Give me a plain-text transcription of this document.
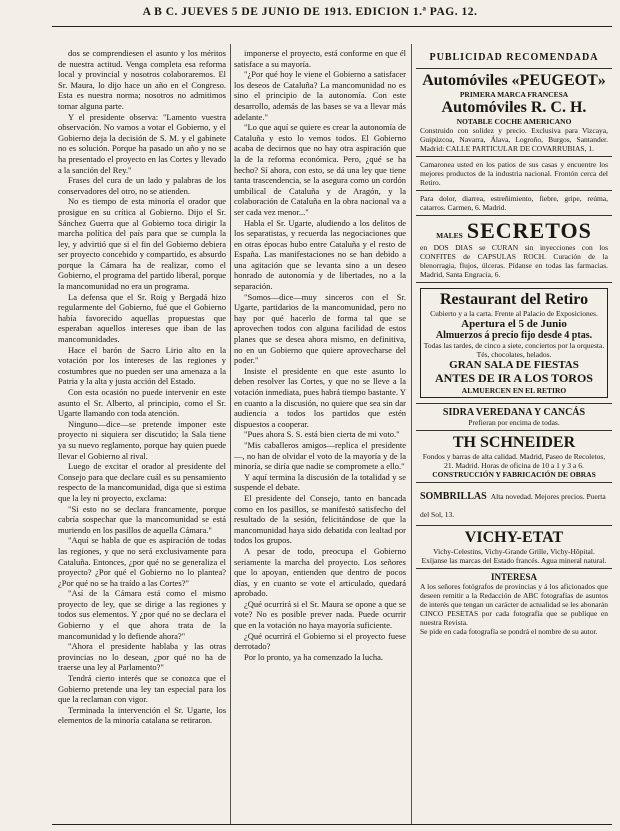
A B C. JUEVES 5 DE JUNIO DE 1913. EDICION 1.ª PAG. 12.

dos se comprendiesen el asunto y los méritos de nuestra actitud. Venga completa esa reforma local y provincial y nosotros colaboraremos. El Sr. Maura, lo dijo hace un año en el Congreso. Esta es nuestra norma; nosotros no admitimos tomar alguna parte.

Y el presidente observa: "Lamento vuestra observación. No vamos a votar el Gobierno, y el Gobierno deja la decisión de S. M. y el gabinete no es solución. Porque ha pasado un año y no se ha presentado el proyecto en las Cortes y llevado a la sanción del Rey."

Frases del cura de un lado y palabras de los conservadores del otro, no se atienden.

No es tiempo de esta minoría el orador que prosigue en su crítica al Gobierno. Dijo el Sr. Sánchez Guerra que al Gobierno toca dirigir la marcha política del país para que se cumpla la ley, y advirtió que si el fin del Gobierno debiera ser proyecto concebido y compartido, es absurdo porque la Cámara ha de realizar, como el Gobierno, el programa del partido liberal, porque la mancomunidad no era un programa.

La defensa que el Sr. Roig y Bergadá hizo regularmente del Gobierno, fué que el Gobierno había favorecido aquellas propuestas que esperaban aquellos intereses que iban de las mancomunidades.

Hace el barón de Sacro Lirio alto en la votación por los intereses de las regiones y costumbres que no pueden ser una amenaza a la Patria y la alta y justa acción del Estado.

Con esta ocasión no puede intervenir en este asunto el Sr. Alberto, al principio, como el Sr. Ugarte llamando con toda atención.

Ninguno—dice—se pretende imponer este proyecto ni siquiera ser discutido; la Sala tiene ya su nuevo reglamento, porque hay quien puede llevar el Gobierno al rival.

Luego de excitar el orador al presidente del Consejo para que declare cuál es su pensamiento respecto de la mancomunidad, diga que si estima que la ley ni proyecto, exclama:

"Si esto no se declara francamente, porque cabría sospechar que la mancomunidad se está muriendo en los pasillos de aquella Cámara."

"Aquí se habla de que es aspiración de todas las regiones, y que no será exclusivamente para Cataluña. Entonces, ¿por qué no se generaliza el proyecto? ¿Por qué el Gobierno no lo plantea? ¿Por qué no se ha traído a las Cortes?"

"Así de la Cámara está como el mismo proyecto de ley, que se dirige a las regiones y todos sus elementos. Y ¿por qué no se declara el Gobierno y el que ahora trata de la mancomunidad y lo defiende ahora?"

"Ahora el presidente hablaba y las otras provincias no lo desean, ¿por qué no ha de traerse una ley al Parlamento?"

Tendrá cierto interés que se conozca que el Gobierno pretende una ley tan especial para los que la reclaman con vigor.

Terminada la intervención el Sr. Ugarte, los elementos de la minoría catalana se retiraron.

imponerse el proyecto, está conforme en que él satisface a su mayoría.

"¿Por qué hoy le viene el Gobierno a satisfacer los deseos de Cataluña? La mancomunidad no es sino el principio de la autonomía. Con este desarrollo, además de las bases se va a llevar más adelante."

"Lo que aquí se quiere es crear la autonomía de Cataluña y esto lo vemos todos. El Gobierno acaba de decirnos que no hay otra aspiración que la de la reforma económica. Pero, ¿qué se ha hecho? Sí ahora, con esto, se dá una ley que tiene tanta trascendencia, se la asegura como un cordón umbilical de Cataluña y de Aragón, y la colaboración de Cataluña en la obra nacional va a ser cada vez menor..."

Habla el Sr. Ugarte, aludiendo a los delitos de los separatistas, y recuerda las negociaciones que en otras épocas hubo entre Cataluña y el resto de España. Las manifestaciones no se han debido a una agitación que se levanta sino a un deseo honrado de autonomía y de libertades, no a la separación.

"Somos—dice—muy sinceros con el Sr. Ugarte, partidarios de la mancomunidad, pero no hay por qué hacerlo de forma tal que se aprovechen todos con alguna facilidad de estos planes que se desea ahora mismo, en definitiva, no en un Gobierno que quiere aprovecharse del poder."

Insiste el presidente en que este asunto lo deben resolver las Cortes, y que no se lleve a la votación inmediata, pues habrá tiempo bastante. Y en cuanto a la discusión, no quiere que sea sin dar audiencia a todos los partidos que estén dispuestos a cooperar.

"Pues ahora S. S. está bien cierta de mi voto."

"Mis caballeros amigos—replica el presidente—, no han de olvidar el voto de la mayoría y de la minoría, se diría que nadie se compromete a ello."

Y aquí termina la discusión de la totalidad y se suspende el debate.

El presidente del Consejo, tanto en bancada como en los pasillos, se manifestó satisfecho del resultado de la sesión, felicitándose de que la mancomunidad haya sido debatida con lealtad por todos los grupos.

A pesar de todo, preocupa el Gobierno seriamente la marcha del proyecto. Los señores que lo apoyan, entienden que dentro de pocos días, y en cuanto se vote el articulado, quedará aprobado.

¿Qué ocurrirá si el Sr. Maura se opone a que se vote? No es posible prever nada. Puede ocurrir que en la votación no haya mayoría suficiente.

¿Qué ocurrirá el Gobierno si el proyecto fuese derrotado?

Por lo pronto, ya ha comenzado la lucha.

PUBLICIDAD RECOMENDADA
Automóviles «PEUGEOT»
PRIMERA MARCA FRANCESA
Automóviles R. C. H.
NOTABLE COCHE AMERICANO
Construido con solidez y precio. Exclusiva para Vizcaya, Guipúzcoa, Navarra, Álava, Logroño, Burgos, Santander. Madrid: CALLE PARTICULAR DE COVARRUBIAS, 1.
Camaronea usted en los patios de sus casas y encuentre los mejores productos de la industria nacional. Frontón cerca del Retiro.
Para dolor, diarrea, estreñimiento, fiebre, gripe, reúma, catarros. Carmen, 6. Madrid.
MALES SECRETOS
en DOS DIAS se CURAN sin inyecciones con los CONFITES de CAPSULAS ROCH. Curación de la blenorragia, flujos, úlceras. Pídanse en todas las farmacias. Madrid, Santa Engracia, 6.
Restaurant del Retiro
Cubierto y a la carta. Frente al Palacio de Exposiciones.
Apertura el 5 de Junio
Almuerzos á precio fijo desde 4 ptas.
Todas las tardes, de cinco a siete, conciertos por la orquesta. Tés, chocolates, helados.
GRAN SALA DE FIESTAS
ANTES DE IR A LOS TOROS
ALMUERCEN EN EL RETIRO
SIDRA VEREDANA Y CANCÁS
Prefieran por encima de todas.
TH SCHNEIDER
Fondos y barras de alta calidad. Madrid, Paseo de Recoletos, 21. Madrid. Horas de oficina de 10 a 1 y 3 a 6.
CONSTRUCCIÓN Y FABRICACIÓN DE OBRAS
SOMBRILLAS Alta novedad. Mejores precios. Puerta del Sol, 13.
VICHY-ETAT
Vichy-Celestins, Vichy-Grande Grille, Vichy-Hôpital. Exíjanse las marcas del Estado francés. Agua mineral natural.
INTERESA
A los señores fotógrafos de provincias y á los aficionados que deseen remitir a la Redacción de ABC fotografías de asuntos de interés que tengan un carácter de actualidad se les abonarán CINCO PESETAS por cada fotografía que se publique en nuestra Revista.
Se pide en cada fotografía se pondrá el nombre de su autor.
